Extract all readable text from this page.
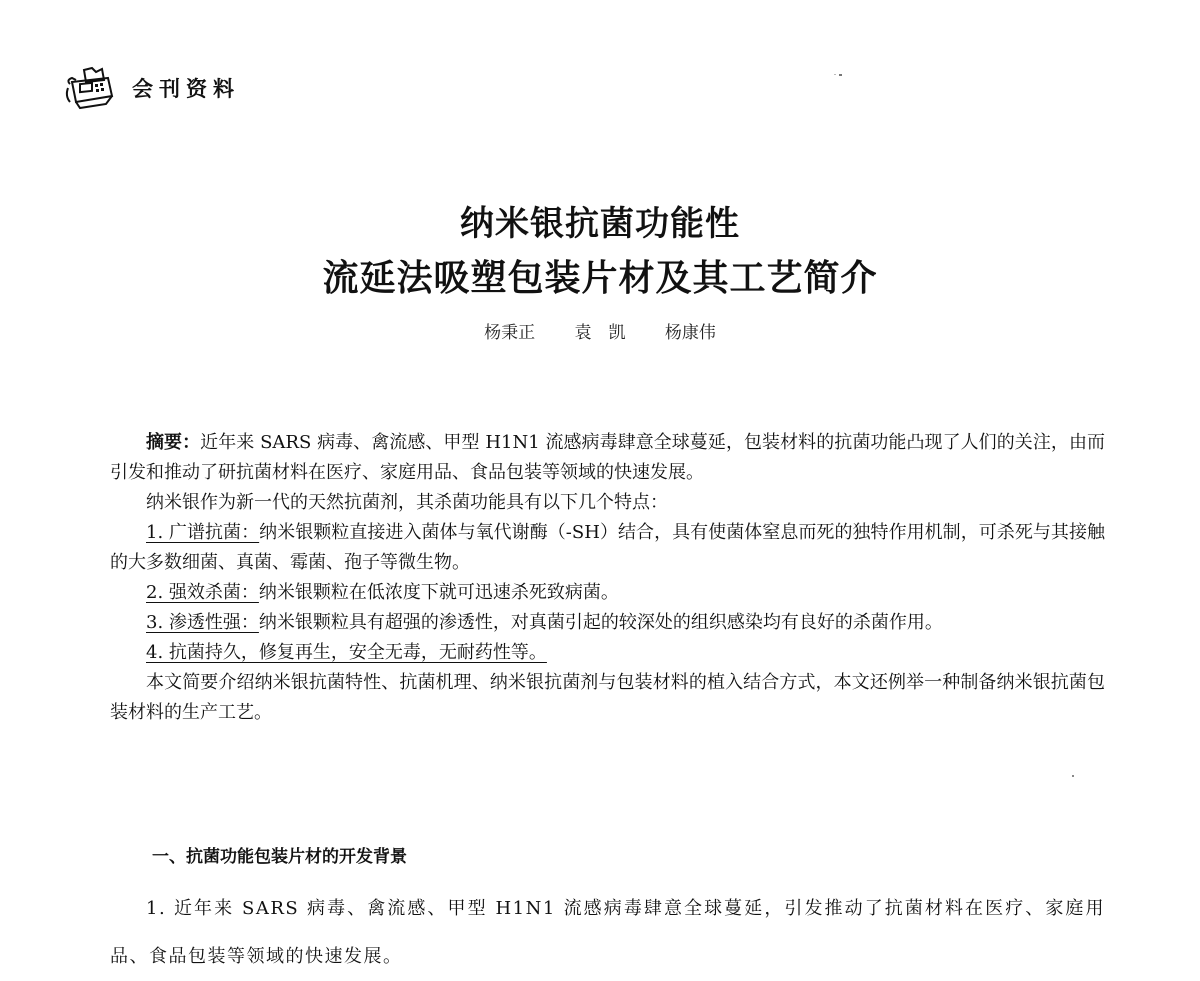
会刊资料
纳米银抗菌功能性
流延法吸塑包装片材及其工艺简介
杨秉正 袁　凯 杨康伟

摘要：近年来 SARS 病毒、禽流感、甲型 H1N1 流感病毒肆意全球蔓延，包装材料的抗菌功能凸现了人们的关注，由而引发和推动了研抗菌材料在医疗、家庭用品、食品包装等领域的快速发展。

纳米银作为新一代的天然抗菌剂，其杀菌功能具有以下几个特点：

1. 广谱抗菌：纳米银颗粒直接进入菌体与氧代谢酶（-SH）结合，具有使菌体窒息而死的独特作用机制，可杀死与其接触的大多数细菌、真菌、霉菌、孢子等微生物。

2. 强效杀菌：纳米银颗粒在低浓度下就可迅速杀死致病菌。

3. 渗透性强：纳米银颗粒具有超强的渗透性，对真菌引起的较深处的组织感染均有良好的杀菌作用。

4. 抗菌持久，修复再生，安全无毒，无耐药性等。

本文简要介绍纳米银抗菌特性、抗菌机理、纳米银抗菌剂与包装材料的植入结合方式，本文还例举一种制备纳米银抗菌包装材料的生产工艺。

一、抗菌功能包装片材的开发背景

1. 近年来 SARS 病毒、禽流感、甲型 H1N1 流感病毒肆意全球蔓延，引发推动了抗菌材料在医疗、家庭用品、食品包装等领域的快速发展。
